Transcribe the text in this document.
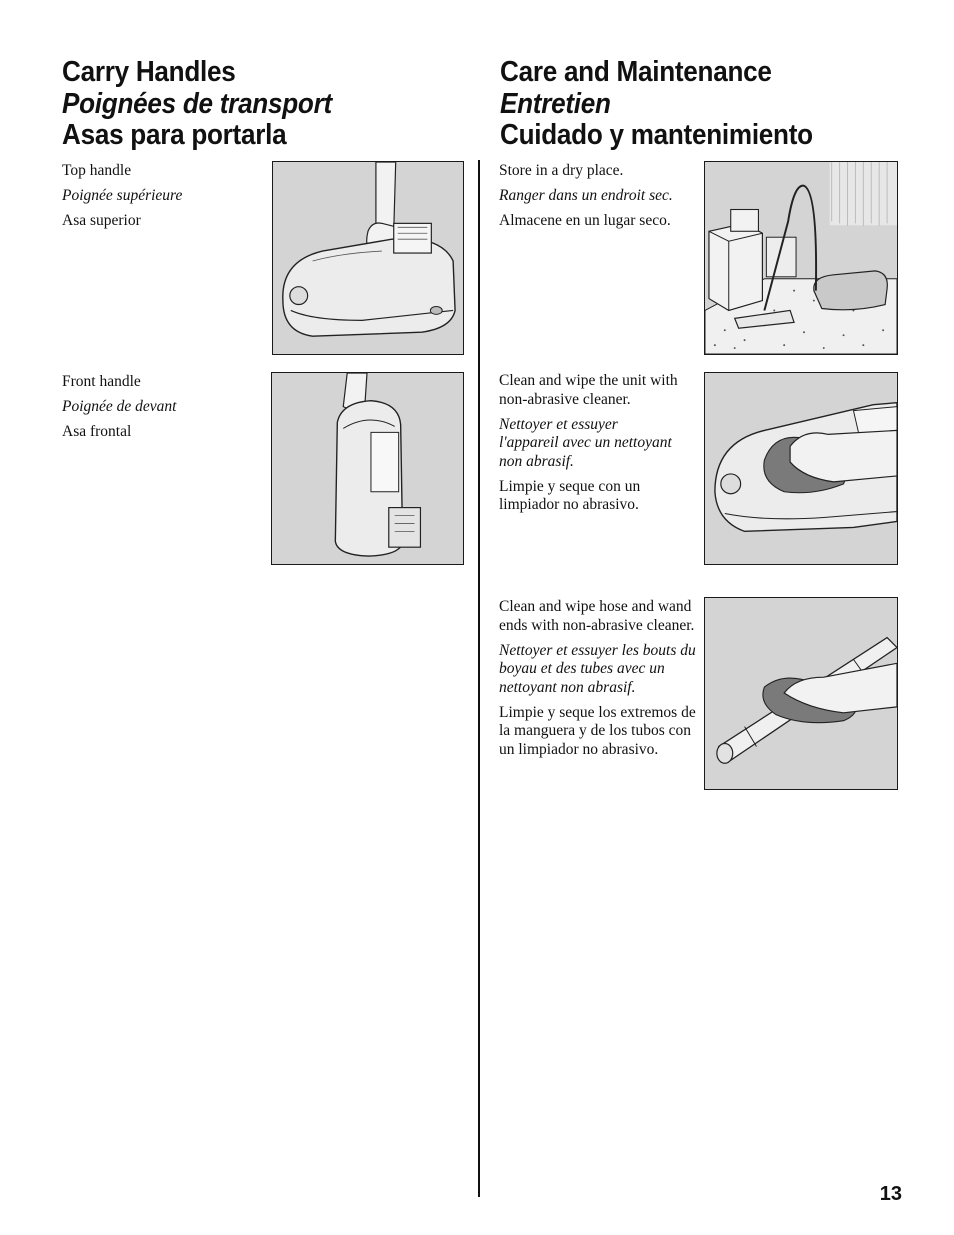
Carry Handles
Poignées de transport
Asas para portarla

Top handle

Poignée supérieure

Asa superior

Front handle

Poignée de devant

Asa frontal

Care and Maintenance
Entretien
Cuidado y mantenimiento

Store in a dry place.

Ranger dans un endroit sec.

Almacene en un lugar seco.

Clean and wipe the unit with non-abrasive cleaner.

Nettoyer et essuyer l'appareil avec un nettoyant non abrasif.

Limpie y seque con un limpiador no abrasivo.

Clean and wipe hose and wand ends with non-abrasive cleaner.

Nettoyer et essuyer les bouts du boyau et des tubes avec un nettoyant non abrasif.

Limpie y seque los extremos de la manguera y de los tubos con un limpiador no abrasivo.

13
